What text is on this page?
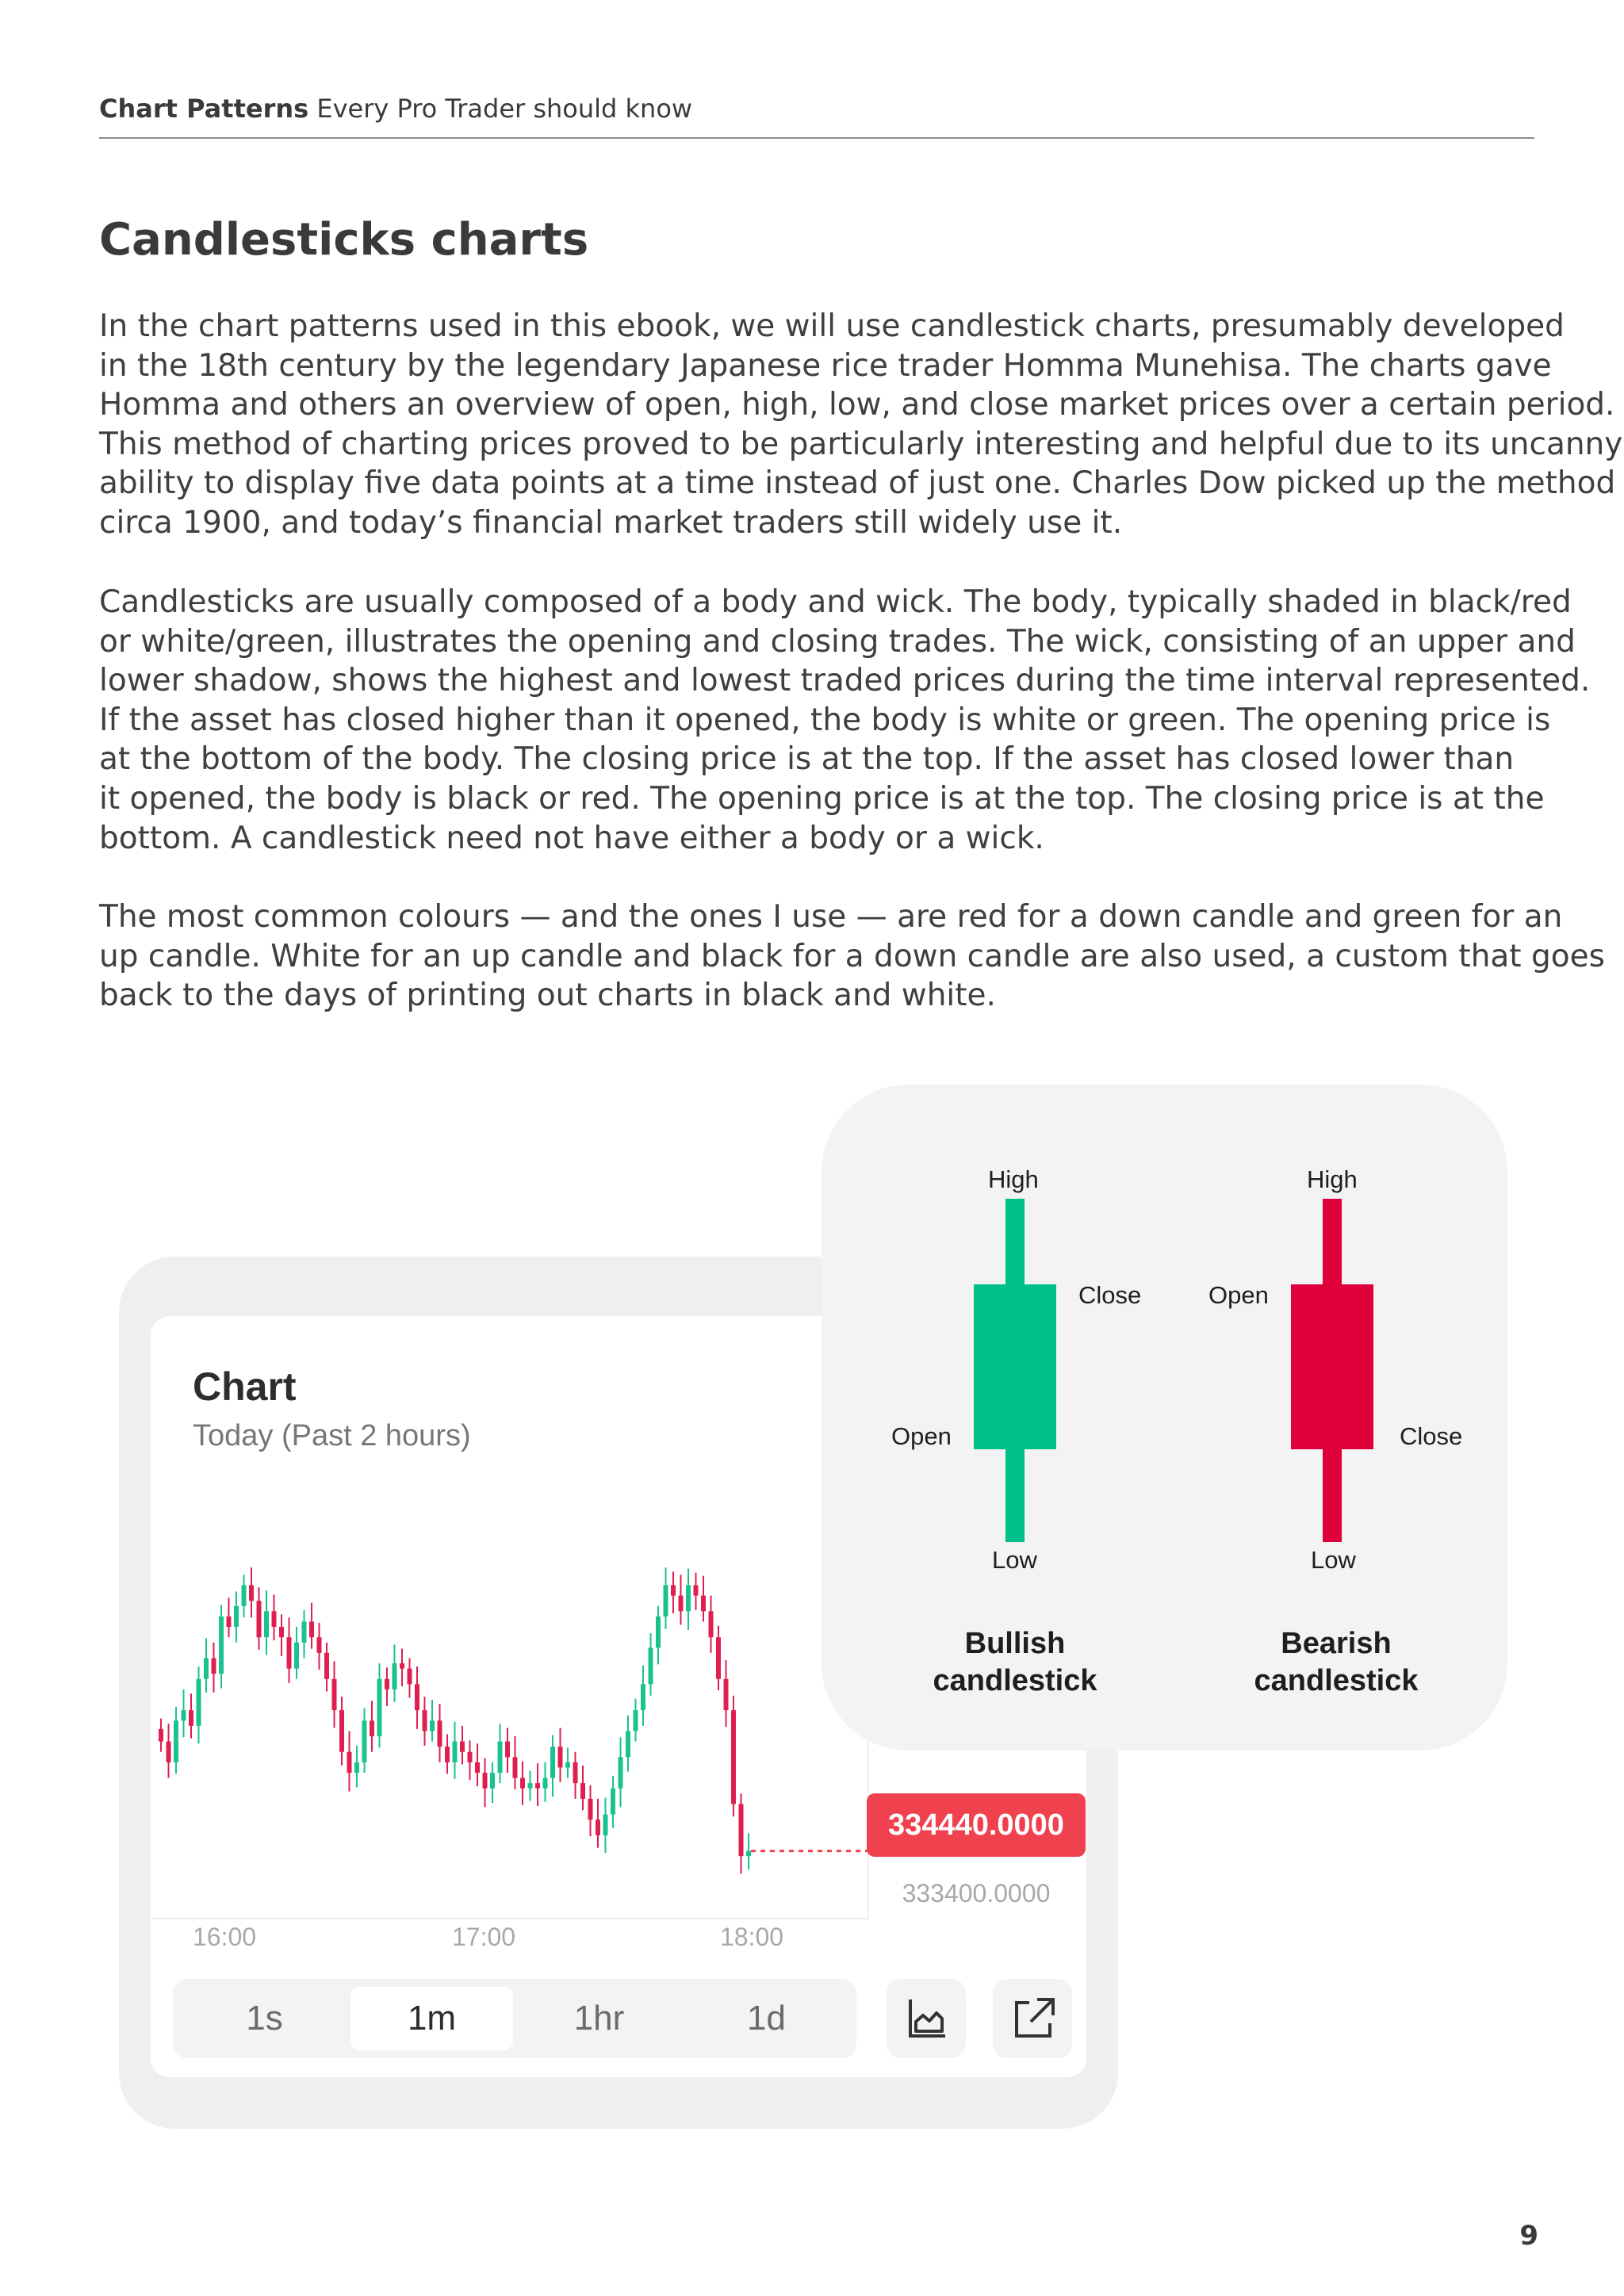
Chart Patterns Every Pro Trader should know
Candlesticks charts
In the chart patterns used in this ebook, we will use candlestick charts, presumably developed
in the 18th century by the legendary Japanese rice trader Homma Munehisa. The charts gave
Homma and others an overview of open, high, low, and close market prices over a certain period.
This method of charting prices proved to be particularly interesting and helpful due to its uncanny
ability to display five data points at a time instead of just one. Charles Dow picked up the method
circa 1900, and today’s financial market traders still widely use it.
Candlesticks are usually composed of a body and wick. The body, typically shaded in black/red
or white/green, illustrates the opening and closing trades. The wick, consisting of an upper and
lower shadow, shows the highest and lowest traded prices during the time interval represented.
If the asset has closed higher than it opened, the body is white or green. The opening price is
at the bottom of the body. The closing price is at the top. If the asset has closed lower than
it opened, the body is black or red. The opening price is at the top. The closing price is at the
bottom. A candlestick need not have either a body or a wick.
The most common colours — and the ones I use — are red for a down candle and green for an
up candle. White for an up candle and black for a down candle are also used, a custom that goes
back to the days of printing out charts in black and white.
Chart
Today (Past 2 hours)
16:00	17:00	18:00
334440.0000
333400.0000
1s	1m	1hr	1d
High
Close
Open
Low
Bullish
candlestick
High
Open
Close
Low
Bearish
candlestick
9
